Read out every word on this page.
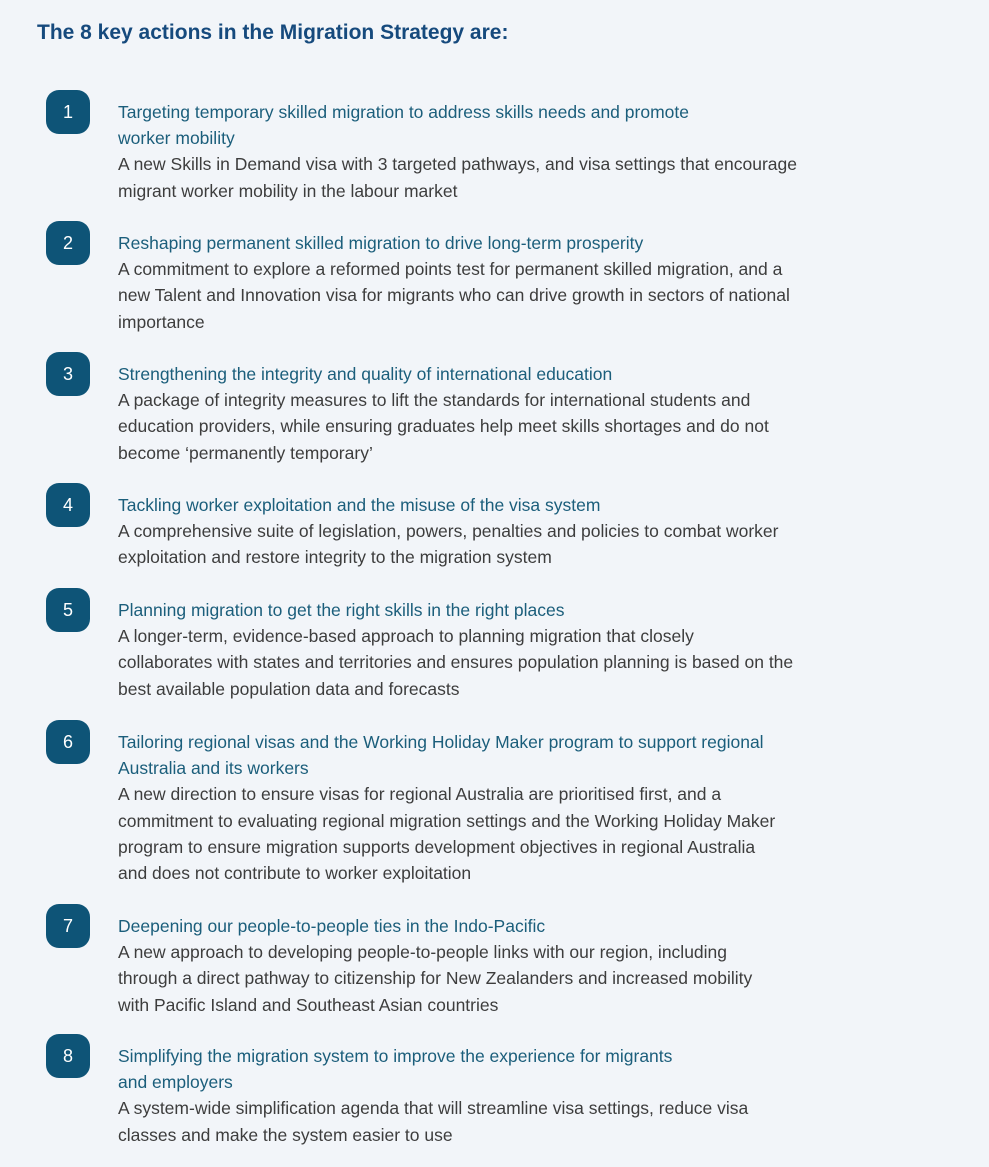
The 8 key actions in the Migration Strategy are:
1	Targeting temporary skilled migration to address skills needs and promote
worker mobility

A new Skills in Demand visa with 3 targeted pathways, and visa settings that encourage
migrant worker mobility in the labour market

2	Reshaping permanent skilled migration to drive long-term prosperity

A commitment to explore a reformed points test for permanent skilled migration, and a
new Talent and Innovation visa for migrants who can drive growth in sectors of national
importance

3	Strengthening the integrity and quality of international education

A package of integrity measures to lift the standards for international students and
education providers, while ensuring graduates help meet skills shortages and do not
become ‘permanently temporary’

4	Tackling worker exploitation and the misuse of the visa system

A comprehensive suite of legislation, powers, penalties and policies to combat worker
exploitation and restore integrity to the migration system

5	Planning migration to get the right skills in the right places

A longer-term, evidence-based approach to planning migration that closely
collaborates with states and territories and ensures population planning is based on the
best available population data and forecasts

6	Tailoring regional visas and the Working Holiday Maker program to support regional
Australia and its workers

A new direction to ensure visas for regional Australia are prioritised first, and a
commitment to evaluating regional migration settings and the Working Holiday Maker
program to ensure migration supports development objectives in regional Australia
and does not contribute to worker exploitation

7	Deepening our people-to-people ties in the Indo-Pacific

A new approach to developing people-to-people links with our region, including
through a direct pathway to citizenship for New Zealanders and increased mobility
with Pacific Island and Southeast Asian countries

8	Simplifying the migration system to improve the experience for migrants
and employers

A system-wide simplification agenda that will streamline visa settings, reduce visa
classes and make the system easier to use
